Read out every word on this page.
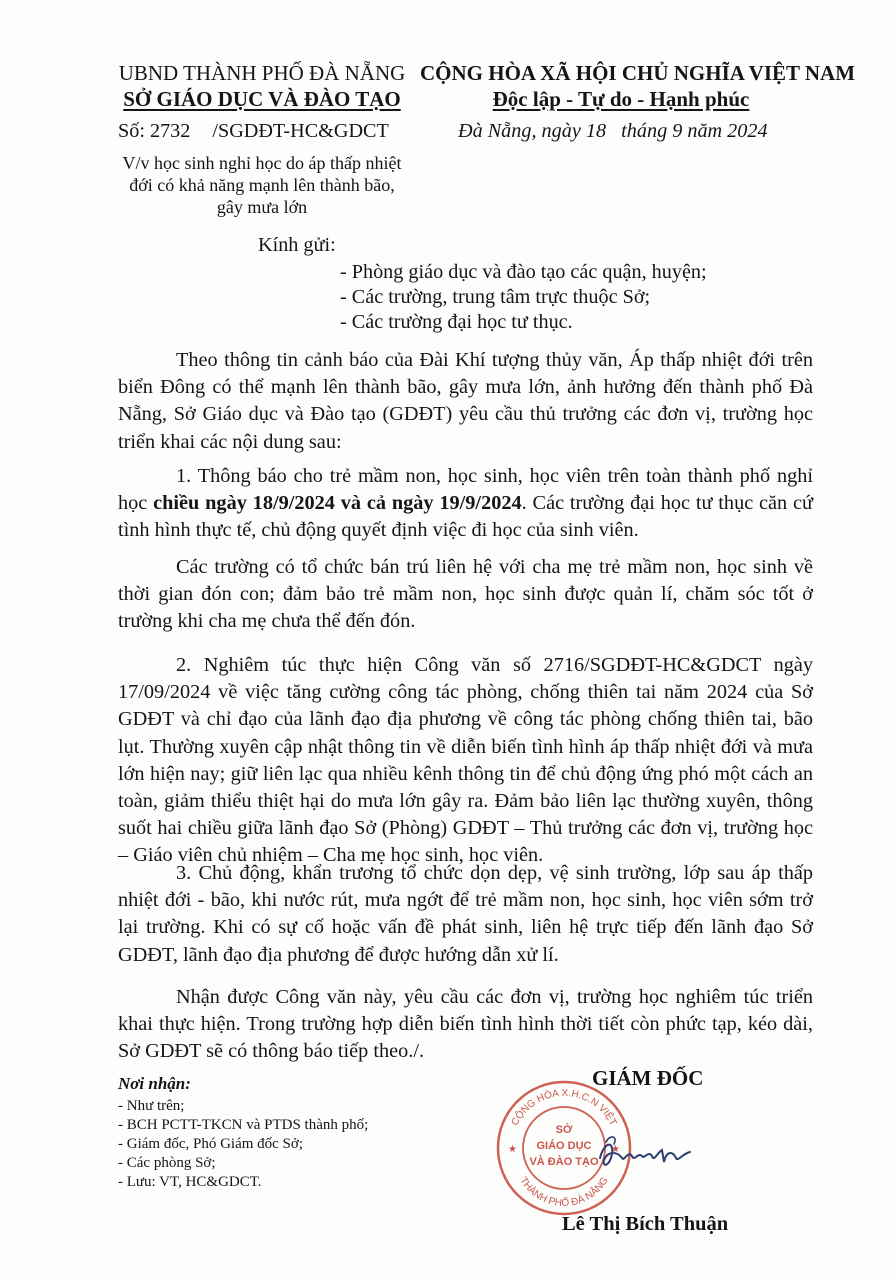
UBND THÀNH PHỐ ĐÀ NẴNG
SỞ GIÁO DỤC VÀ ĐÀO TẠO
CỘNG HÒA XÃ HỘI CHỦ NGHĨA VIỆT NAM
Độc lập - Tự do - Hạnh phúc
Số: 2732 /SGDĐT-HC&GDCT	Đà Nẵng, ngày 18   tháng 9 năm 2024
V/v học sinh nghỉ học do áp thấp nhiệt
đới có khả năng mạnh lên thành bão,
gây mưa lớn
Kính gửi:
- Phòng giáo dục và đào tạo các quận, huyện;
- Các trường, trung tâm trực thuộc Sở;
- Các trường đại học tư thục.

Theo thông tin cảnh báo của Đài Khí tượng thủy văn, Áp thấp nhiệt đới trên biển Đông có thể mạnh lên thành bão, gây mưa lớn, ảnh hưởng đến thành phố Đà Nẵng, Sở Giáo dục và Đào tạo (GDĐT) yêu cầu thủ trưởng các đơn vị, trường học triển khai các nội dung sau:

1. Thông báo cho trẻ mầm non, học sinh, học viên trên toàn thành phố nghỉ học chiều ngày 18/9/2024 và cả ngày 19/9/2024. Các trường đại học tư thục căn cứ tình hình thực tế, chủ động quyết định việc đi học của sinh viên.

Các trường có tổ chức bán trú liên hệ với cha mẹ trẻ mầm non, học sinh về thời gian đón con; đảm bảo trẻ mầm non, học sinh được quản lí, chăm sóc tốt ở trường khi cha mẹ chưa thể đến đón.

2. Nghiêm túc thực hiện Công văn số 2716/SGDĐT-HC&GDCT ngày 17/09/2024 về việc tăng cường công tác phòng, chống thiên tai năm 2024 của Sở GDĐT và chỉ đạo của lãnh đạo địa phương về công tác phòng chống thiên tai, bão lụt. Thường xuyên cập nhật thông tin về diễn biến tình hình áp thấp nhiệt đới và mưa lớn hiện nay; giữ liên lạc qua nhiều kênh thông tin để chủ động ứng phó một cách an toàn, giảm thiểu thiệt hại do mưa lớn gây ra. Đảm bảo liên lạc thường xuyên, thông suốt hai chiều giữa lãnh đạo Sở (Phòng) GDĐT – Thủ trưởng các đơn vị, trường học – Giáo viên chủ nhiệm – Cha mẹ học sinh, học viên.

3. Chủ động, khẩn trương tổ chức dọn dẹp, vệ sinh trường, lớp sau áp thấp nhiệt đới - bão, khi nước rút, mưa ngớt để trẻ mầm non, học sinh, học viên sớm trở lại trường. Khi có sự cố hoặc vấn đề phát sinh, liên hệ trực tiếp đến lãnh đạo Sở GDĐT, lãnh đạo địa phương để được hướng dẫn xử lí.

Nhận được Công văn này, yêu cầu các đơn vị, trường học nghiêm túc triển khai thực hiện. Trong trường hợp diễn biến tình hình thời tiết còn phức tạp, kéo dài, Sở GDĐT sẽ có thông báo tiếp theo./.

Nơi nhận:
- Như trên;
- BCH PCTT-TKCN và PTDS thành phố;
- Giám đốc, Phó Giám đốc Sở;
- Các phòng Sở;
- Lưu: VT, HC&GDCT.
GIÁM ĐỐC
CỘNG HÒA X.H.C.N VIỆT
THÀNH PHỐ ĐÀ NẴNG
SỞ
GIÁO DỤC
VÀ ĐÀO TẠO
★	★
Lê Thị Bích Thuận
